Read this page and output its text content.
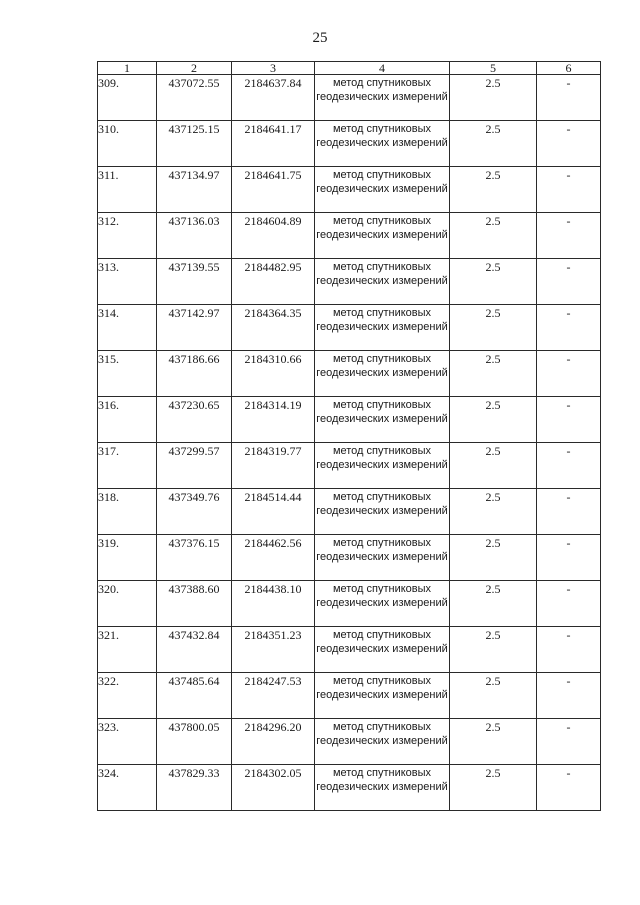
25
1	2	3	4	5	6
309.	437072.55	2184637.84	метод спутниковых геодезических измерений	2.5	-
310.	437125.15	2184641.17	метод спутниковых геодезических измерений	2.5	-
311.	437134.97	2184641.75	метод спутниковых геодезических измерений	2.5	-
312.	437136.03	2184604.89	метод спутниковых геодезических измерений	2.5	-
313.	437139.55	2184482.95	метод спутниковых геодезических измерений	2.5	-
314.	437142.97	2184364.35	метод спутниковых геодезических измерений	2.5	-
315.	437186.66	2184310.66	метод спутниковых геодезических измерений	2.5	-
316.	437230.65	2184314.19	метод спутниковых геодезических измерений	2.5	-
317.	437299.57	2184319.77	метод спутниковых геодезических измерений	2.5	-
318.	437349.76	2184514.44	метод спутниковых геодезических измерений	2.5	-
319.	437376.15	2184462.56	метод спутниковых геодезических измерений	2.5	-
320.	437388.60	2184438.10	метод спутниковых геодезических измерений	2.5	-
321.	437432.84	2184351.23	метод спутниковых геодезических измерений	2.5	-
322.	437485.64	2184247.53	метод спутниковых геодезических измерений	2.5	-
323.	437800.05	2184296.20	метод спутниковых геодезических измерений	2.5	-
324.	437829.33	2184302.05	метод спутниковых геодезических измерений	2.5	-
